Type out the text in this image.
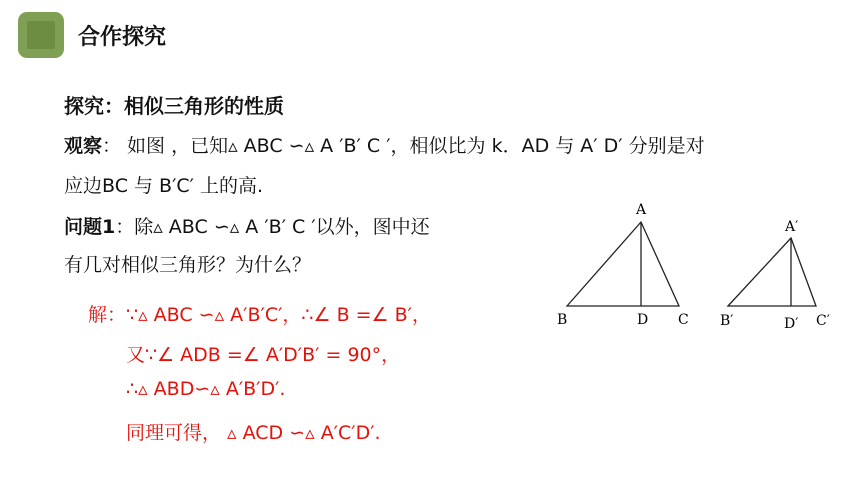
合作探究
探究：相似三角形的性质
观察： 如图 ，已知▵ ABC ∽▵ A ′B′ C ′，相似比为 k．AD 与 A′ D′ 分别是对
应边BC 与 B′C′ 上的高.
问题1：除▵ ABC ∽▵ A ′B′ C ′以外，图中还
有几对相似三角形？为什么？
解：∵▵ ABC ∽▵ A′B′C′，∴∠ B =∠ B′，
又∵∠ ADB =∠ A′D′B′ = 90°，
∴▵ ABD∽▵ A′B′D′.
同理可得， ▵ ACD ∽▵ A′C′D′.
A
B	D C
A′
B′	D′ C′
